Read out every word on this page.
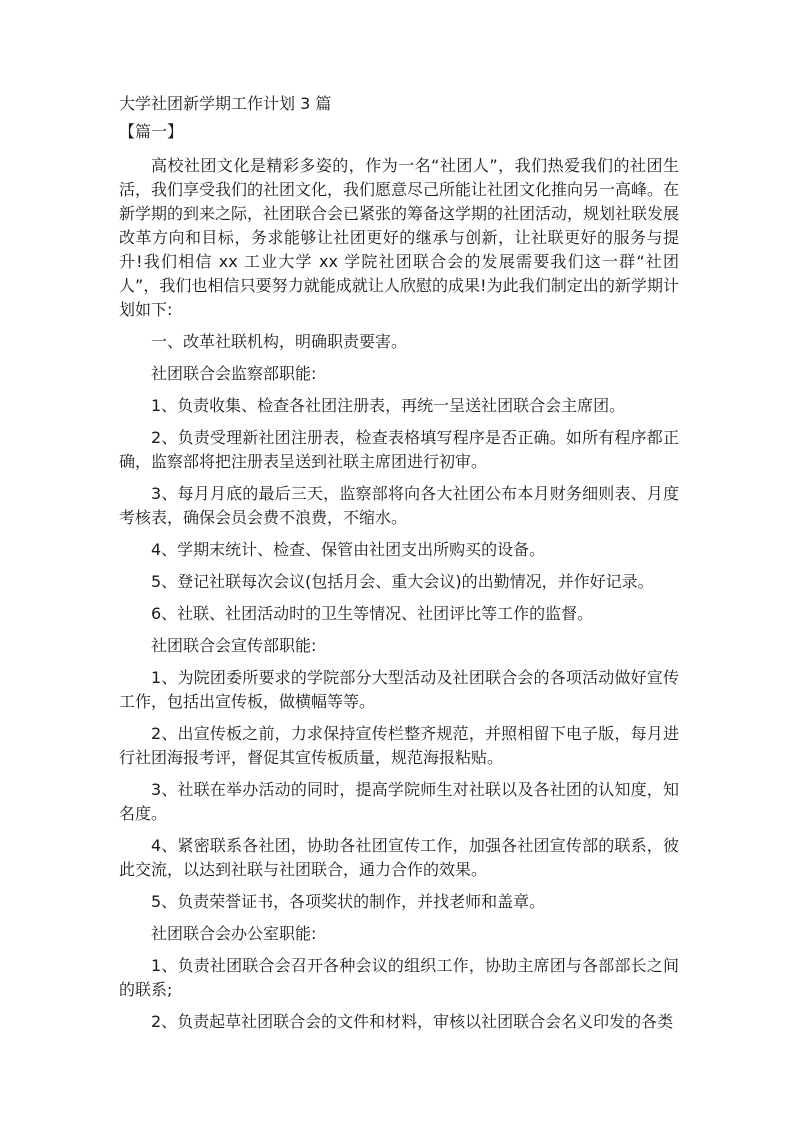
大学社团新学期工作计划 3 篇

【篇一】

高校社团文化是精彩多姿的，作为一名“社团人”，我们热爱我们的社团生活，我们享受我们的社团文化，我们愿意尽己所能让社团文化推向另一高峰。在新学期的到来之际，社团联合会已紧张的筹备这学期的社团活动，规划社联发展改革方向和目标，务求能够让社团更好的继承与创新，让社联更好的服务与提升!我们相信 xx 工业大学 xx 学院社团联合会的发展需要我们这一群“社团人”，我们也相信只要努力就能成就让人欣慰的成果!为此我们制定出的新学期计划如下:

一、改革社联机构，明确职责要害。

社团联合会监察部职能:

1、负责收集、检查各社团注册表，再统一呈送社团联合会主席团。

2、负责受理新社团注册表，检查表格填写程序是否正确。如所有程序都正确，监察部将把注册表呈送到社联主席团进行初审。

3、每月月底的最后三天，监察部将向各大社团公布本月财务细则表、月度考核表，确保会员会费不浪费，不缩水。

4、学期末统计、检查、保管由社团支出所购买的设备。

5、登记社联每次会议(包括月会、重大会议)的出勤情况，并作好记录。

6、社联、社团活动时的卫生等情况、社团评比等工作的监督。

社团联合会宣传部职能:

1、为院团委所要求的学院部分大型活动及社团联合会的各项活动做好宣传工作，包括出宣传板，做横幅等等。

2、出宣传板之前，力求保持宣传栏整齐规范，并照相留下电子版，每月进行社团海报考评，督促其宣传板质量，规范海报粘贴。

3、社联在举办活动的同时，提高学院师生对社联以及各社团的认知度，知名度。

4、紧密联系各社团，协助各社团宣传工作，加强各社团宣传部的联系，彼此交流，以达到社联与社团联合，通力合作的效果。

5、负责荣誉证书，各项奖状的制作，并找老师和盖章。

社团联合会办公室职能:

1、负责社团联合会召开各种会议的组织工作，协助主席团与各部部长之间的联系;

2、负责起草社团联合会的文件和材料，审核以社团联合会名义印发的各类
